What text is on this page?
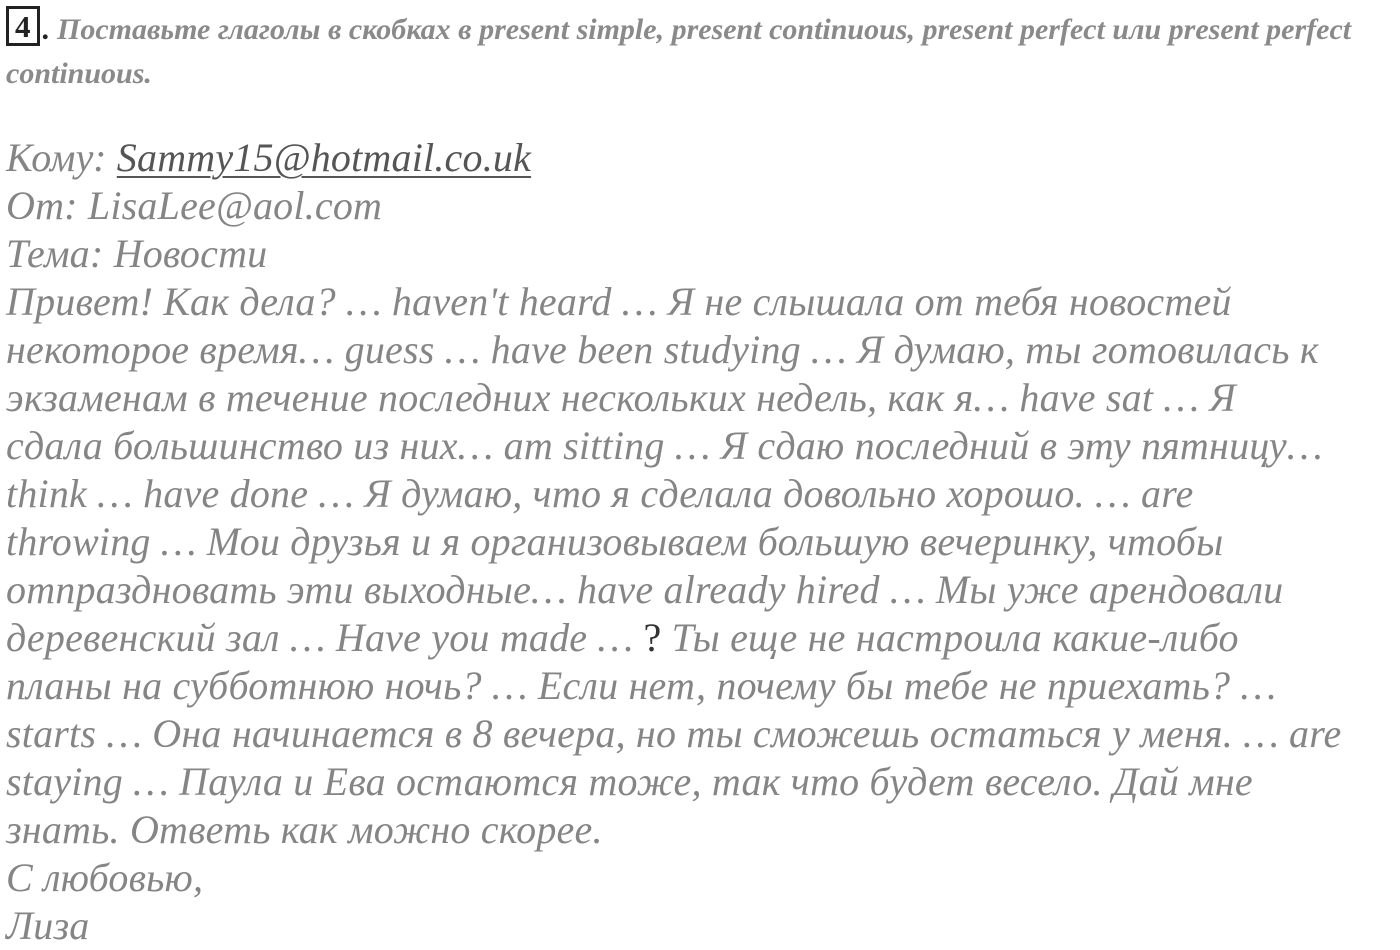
4 . Поставьте глаголы в скобках в present simple, present continuous, present perfect или present perfect continuous.
Кому: Sammy15@hotmail.co.uk
От: LisaLee@aol.com
Тема: Новости
Привет! Как дела? … haven't heard … Я не слышала от тебя новостей
некоторое время… guess … have been studying … Я думаю, ты готовилась к
экзаменам в течение последних нескольких недель, как я… have sat … Я
сдала большинство из них… am sitting … Я сдаю последний в эту пятницу…
think … have done … Я думаю, что я сделала довольно хорошо. … are
throwing … Мои друзья и я организовываем большую вечеринку, чтобы
отпраздновать эти выходные… have already hired … Мы уже арендовали
деревенский зал … Have you made … ? Ты еще не настроила какие-либо
планы на субботнюю ночь? … Если нет, почему бы тебе не приехать? …
starts … Она начинается в 8 вечера, но ты сможешь остаться у меня. … are
staying … Паула и Ева остаются тоже, так что будет весело. Дай мне
знать. Ответь как можно скорее.
С любовью,
Лиза
